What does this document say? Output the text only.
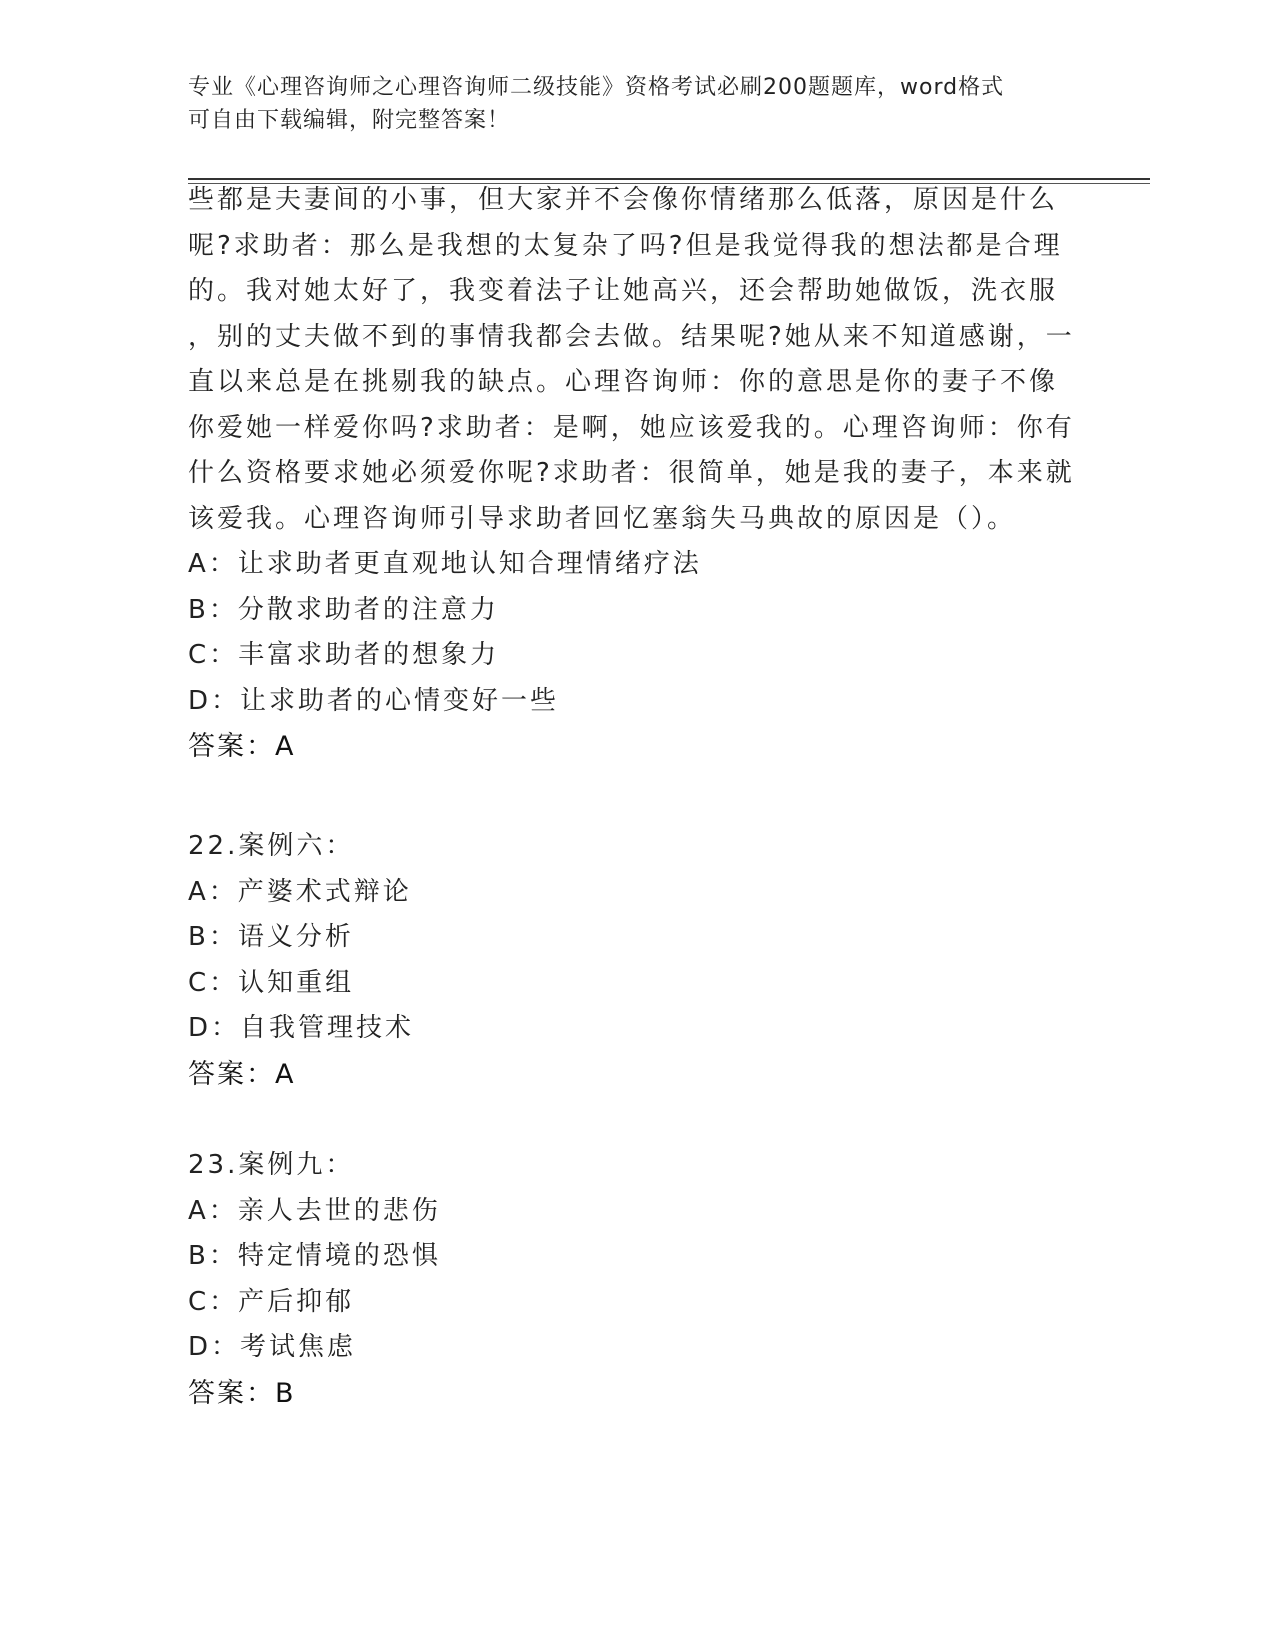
专业《心理咨询师之心理咨询师二级技能》资格考试必刷200题题库，word格式
可自由下载编辑，附完整答案！
些都是夫妻间的小事，但大家并不会像你情绪那么低落，原因是什么
呢?求助者：那么是我想的太复杂了吗?但是我觉得我的想法都是合理
的。我对她太好了，我变着法子让她高兴，还会帮助她做饭，洗衣服
，别的丈夫做不到的事情我都会去做。结果呢?她从来不知道感谢，一
直以来总是在挑剔我的缺点。心理咨询师：你的意思是你的妻子不像
你爱她一样爱你吗?求助者：是啊，她应该爱我的。心理咨询师：你有
什么资格要求她必须爱你呢?求助者：很简单，她是我的妻子，本来就
该爱我。心理咨询师引导求助者回忆塞翁失马典故的原因是（）。
A：让求助者更直观地认知合理情绪疗法
B：分散求助者的注意力
C：丰富求助者的想象力
D：让求助者的心情变好一些
答案：A
22.案例六：
A：产婆术式辩论
B：语义分析
C：认知重组
D：自我管理技术
答案：A
23.案例九：
A：亲人去世的悲伤
B：特定情境的恐惧
C：产后抑郁
D：考试焦虑
答案：B
